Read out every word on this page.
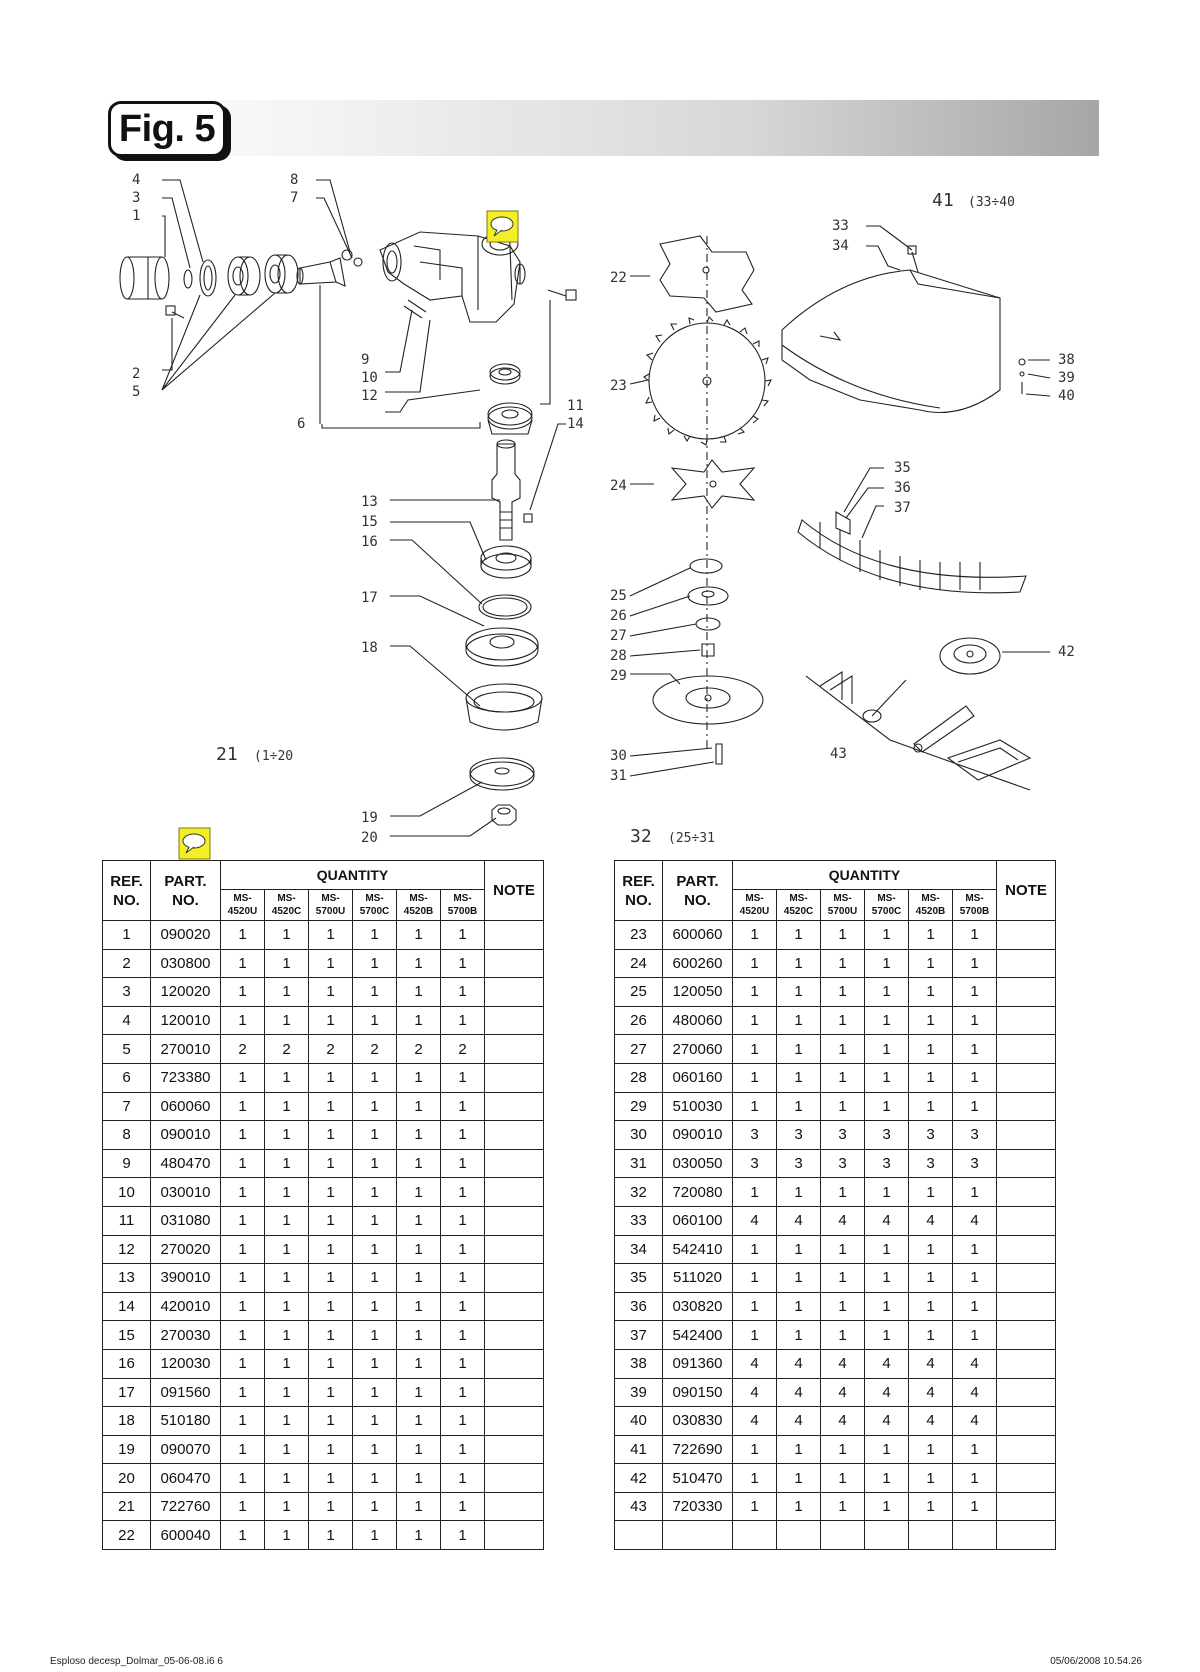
Fig. 5
4
3
1
8
7
2
5
9
10
12
6
11
14
13
15
16
17
18
19
20
21 (1÷20
41 (33÷40
33
34
22
38
39
40
23
24
35
36
37
25
26
27
28
29
42
30
31
43
32 (25÷31
REF. NO.	PART. NO.	QUANTITY						NOTE
		MS- 4520U	MS- 4520C	MS- 5700U	MS- 5700C	MS- 4520B	MS- 5700B	
1	090020	1	1	1	1	1	1	
2	030800	1	1	1	1	1	1	
3	120020	1	1	1	1	1	1	
4	120010	1	1	1	1	1	1	
5	270010	2	2	2	2	2	2	
6	723380	1	1	1	1	1	1	
7	060060	1	1	1	1	1	1	
8	090010	1	1	1	1	1	1	
9	480470	1	1	1	1	1	1	
10	030010	1	1	1	1	1	1	
11	031080	1	1	1	1	1	1	
12	270020	1	1	1	1	1	1	
13	390010	1	1	1	1	1	1	
14	420010	1	1	1	1	1	1	
15	270030	1	1	1	1	1	1	
16	120030	1	1	1	1	1	1	
17	091560	1	1	1	1	1	1	
18	510180	1	1	1	1	1	1	
19	090070	1	1	1	1	1	1	
20	060470	1	1	1	1	1	1	
21	722760	1	1	1	1	1	1	
22	600040	1	1	1	1	1	1	
REF. NO.	PART. NO.	QUANTITY						NOTE
		MS- 4520U	MS- 4520C	MS- 5700U	MS- 5700C	MS- 4520B	MS- 5700B	
23	600060	1	1	1	1	1	1	
24	600260	1	1	1	1	1	1	
25	120050	1	1	1	1	1	1	
26	480060	1	1	1	1	1	1	
27	270060	1	1	1	1	1	1	
28	060160	1	1	1	1	1	1	
29	510030	1	1	1	1	1	1	
30	090010	3	3	3	3	3	3	
31	030050	3	3	3	3	3	3	
32	720080	1	1	1	1	1	1	
33	060100	4	4	4	4	4	4	
34	542410	1	1	1	1	1	1	
35	511020	1	1	1	1	1	1	
36	030820	1	1	1	1	1	1	
37	542400	1	1	1	1	1	1	
38	091360	4	4	4	4	4	4	
39	090150	4	4	4	4	4	4	
40	030830	4	4	4	4	4	4	
41	722690	1	1	1	1	1	1	
42	510470	1	1	1	1	1	1	
43	720330	1	1	1	1	1	1	

Esploso decesp_Dolmar_05-06-08.i6 6	05/06/2008 10.54.26
